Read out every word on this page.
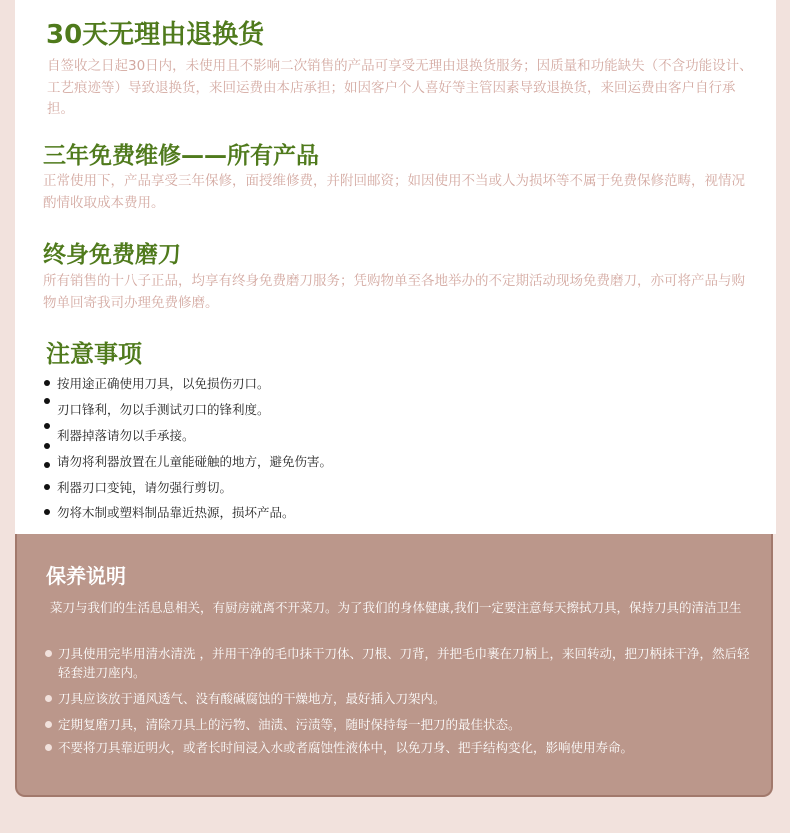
30天无理由退换货

自签收之日起30日内，未使用且不影响二次销售的产品可享受无理由退换货服务；因质量和功能缺失（不含功能设计、工艺痕迹等）导致退换货，来回运费由本店承担；如因客户个人喜好等主管因素导致退换货，来回运费由客户自行承担。

三年免费维修——所有产品

正常使用下，产品享受三年保修，面授维修费，并附回邮资；如因使用不当或人为损坏等不属于免费保修范畴，视情况酌情收取成本费用。

终身免费磨刀

所有销售的十八子正品，均享有终身免费磨刀服务；凭购物单至各地举办的不定期活动现场免费磨刀，亦可将产品与购物单回寄我司办理免费修磨。

注意事项
按用途正确使用刀具，以免损伤刃口。
刃口锋利，勿以手测试刃口的锋利度。
利器掉落请勿以手承接。
请勿将利器放置在儿童能碰触的地方，避免伤害。
利器刃口变钝，请勿强行剪切。
勿将木制或塑料制品靠近热源，损坏产品。
保养说明

菜刀与我们的生活息息相关，有厨房就离不开菜刀。为了我们的身体健康,我们一定要注意每天擦拭刀具，保持刀具的清洁卫生

刀具使用完毕用清水清洗 ，并用干净的毛巾抹干刀体、刀根、刀背，并把毛巾裹在刀柄上，来回转动，把刀柄抹干净，然后轻轻套进刀座内。
刀具应该放于通风透气、没有酸碱腐蚀的干燥地方，最好插入刀架内。
定期复磨刀具，清除刀具上的污物、油渍、污渍等，随时保持每一把刀的最佳状态。
不要将刀具靠近明火，或者长时间浸入水或者腐蚀性液体中，以免刀身、把手结构变化，影响使用寿命。
